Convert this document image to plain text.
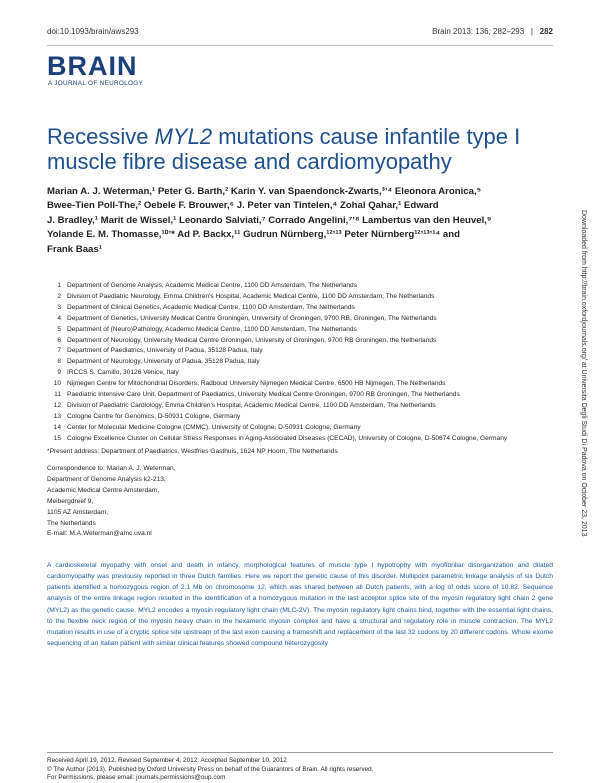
doi:10.1093/brain/aws293	Brain 2013: 136; 282–293   |   282
BRAIN
A JOURNAL OF NEUROLOGY
Recessive MYL2 mutations cause infantile type I muscle fibre disease and cardiomyopathy
Marian A. J. Weterman,¹ Peter G. Barth,² Karin Y. van Spaendonck-Zwarts,³ʼ⁴ Eleonora Aronica,⁵
Bwee-Tien Poll-The,² Oebele F. Brouwer,⁶ J. Peter van Tintelen,⁴ Zohal Qahar,¹ Edward
J. Bradley,¹ Marit de Wissel,¹ Leonardo Salviati,⁷ Corrado Angelini,⁷ʼ⁸ Lambertus van den Heuvel,⁹
Yolande E. M. Thomasse,¹⁰ʼ* Ad P. Backx,¹¹ Gudrun Nürnberg,¹²ʼ¹³ Peter Nürnberg¹²ʼ¹³ʼ¹⁴ and
Frank Baas¹
1 Department of Genome Analysis, Academic Medical Centre, 1100 DD Amsterdam, The Netherlands
2 Division of Paediatric Neurology, Emma Children's Hospital, Academic Medical Centre, 1100 DD Amsterdam, The Netherlands
3 Department of Clinical Genetics, Academic Medical Centre, 1100 DD Amsterdam, The Netherlands
4 Department of Genetics, University Medical Centre Groningen, University of Groningen, 9700 RB, Groningen, The Netherlands
5 Department of (Neuro)Pathology, Academic Medical Centre, 1100 DD Amsterdam, The Netherlands
6 Department of Neurology, University Medical Centre Groningen, University of Groningen, 9700 RB Groningen, the Netherlands
7 Department of Paediatrics, University of Padua, 35128 Padua, Italy
8 Department of Neurology, University of Padua, 35128 Padua, Italy
9 IRCCS S. Camillo, 30126 Venice, Italy
10 Nijmegen Centre for Mitochondrial Disorders, Radboud University Nijmegen Medical Centre, 6500 HB Nijmegen, The Netherlands
11 Paediatric Intensive Care Unit, Department of Paediatrics, University Medical Centre Groningen, 9700 RB Groningen, The Netherlands
12 Division of Paediatric Cardiology, Emma Children's Hospital, Academic Medical Centre, 1100 DD Amsterdam, The Netherlands
13 Cologne Centre for Genomics, D-50931 Cologne, Germany
14 Center for Molecular Medicine Cologne (CMMC), University of Cologne, D-50931 Cologne, Germany
15 Cologne Excellence Cluster on Cellular Stress Responses in Aging-Associated Diseases (CECAD), University of Cologne, D-50674 Cologne, Germany
*Present address: Department of Paediatrics, Westfries Gasthuis, 1624 NP Hoorn, The Netherlands
Correspondence to: Marian A. J. Weterman,
Department of Genome Analysis k2-213,
Academic Medical Centre Amsterdam,
Meibergdreef 9,
1105 AZ Amsterdam,
The Netherlands
E-mail: M.A.Weterman@amc.uva.nl
A cardioskeletal myopathy with onset and death in infancy, morphological features of muscle type I hypotrophy with myofibrillar disorganization and dilated cardiomyopathy was previously reported in three Dutch families. Here we report the genetic cause of this disorder. Multipoint parametric linkage analysis of six Dutch patients identified a homozygous region of 2.1 Mb on chromosome 12, which was shared between all Dutch patients, with a log of odds score of 10.82. Sequence analysis of the entire linkage region resulted in the identification of a homozygous mutation in the last acceptor splice site of the myosin regulatory light chain 2 gene (MYL2) as the genetic cause. MYL2 encodes a myosin regulatory light chain (MLC-2V). The myosin regulatory light chains bind, together with the essential light chains, to the flexible neck region of the myosin heavy chain in the hexameric myosin complex and have a structural and regulatory role in muscle contraction. The MYL2 mutation results in use of a cryptic splice site upstream of the last exon causing a frameshift and replacement of the last 32 codons by 20 different codons. Whole exome sequencing of an Italian patient with similar clinical features showed compound heterozygosity
Received April 19, 2012. Revised September 4, 2012. Accepted September 10, 2012
© The Author (2013). Published by Oxford University Press on behalf of the Guarantors of Brain. All rights reserved.
For Permissions, please email: journals.permissions@oup.com
Downloaded from http://brain.oxfordjournals.org/ at Universita Degli Studi Di Padova on October 23, 2013
